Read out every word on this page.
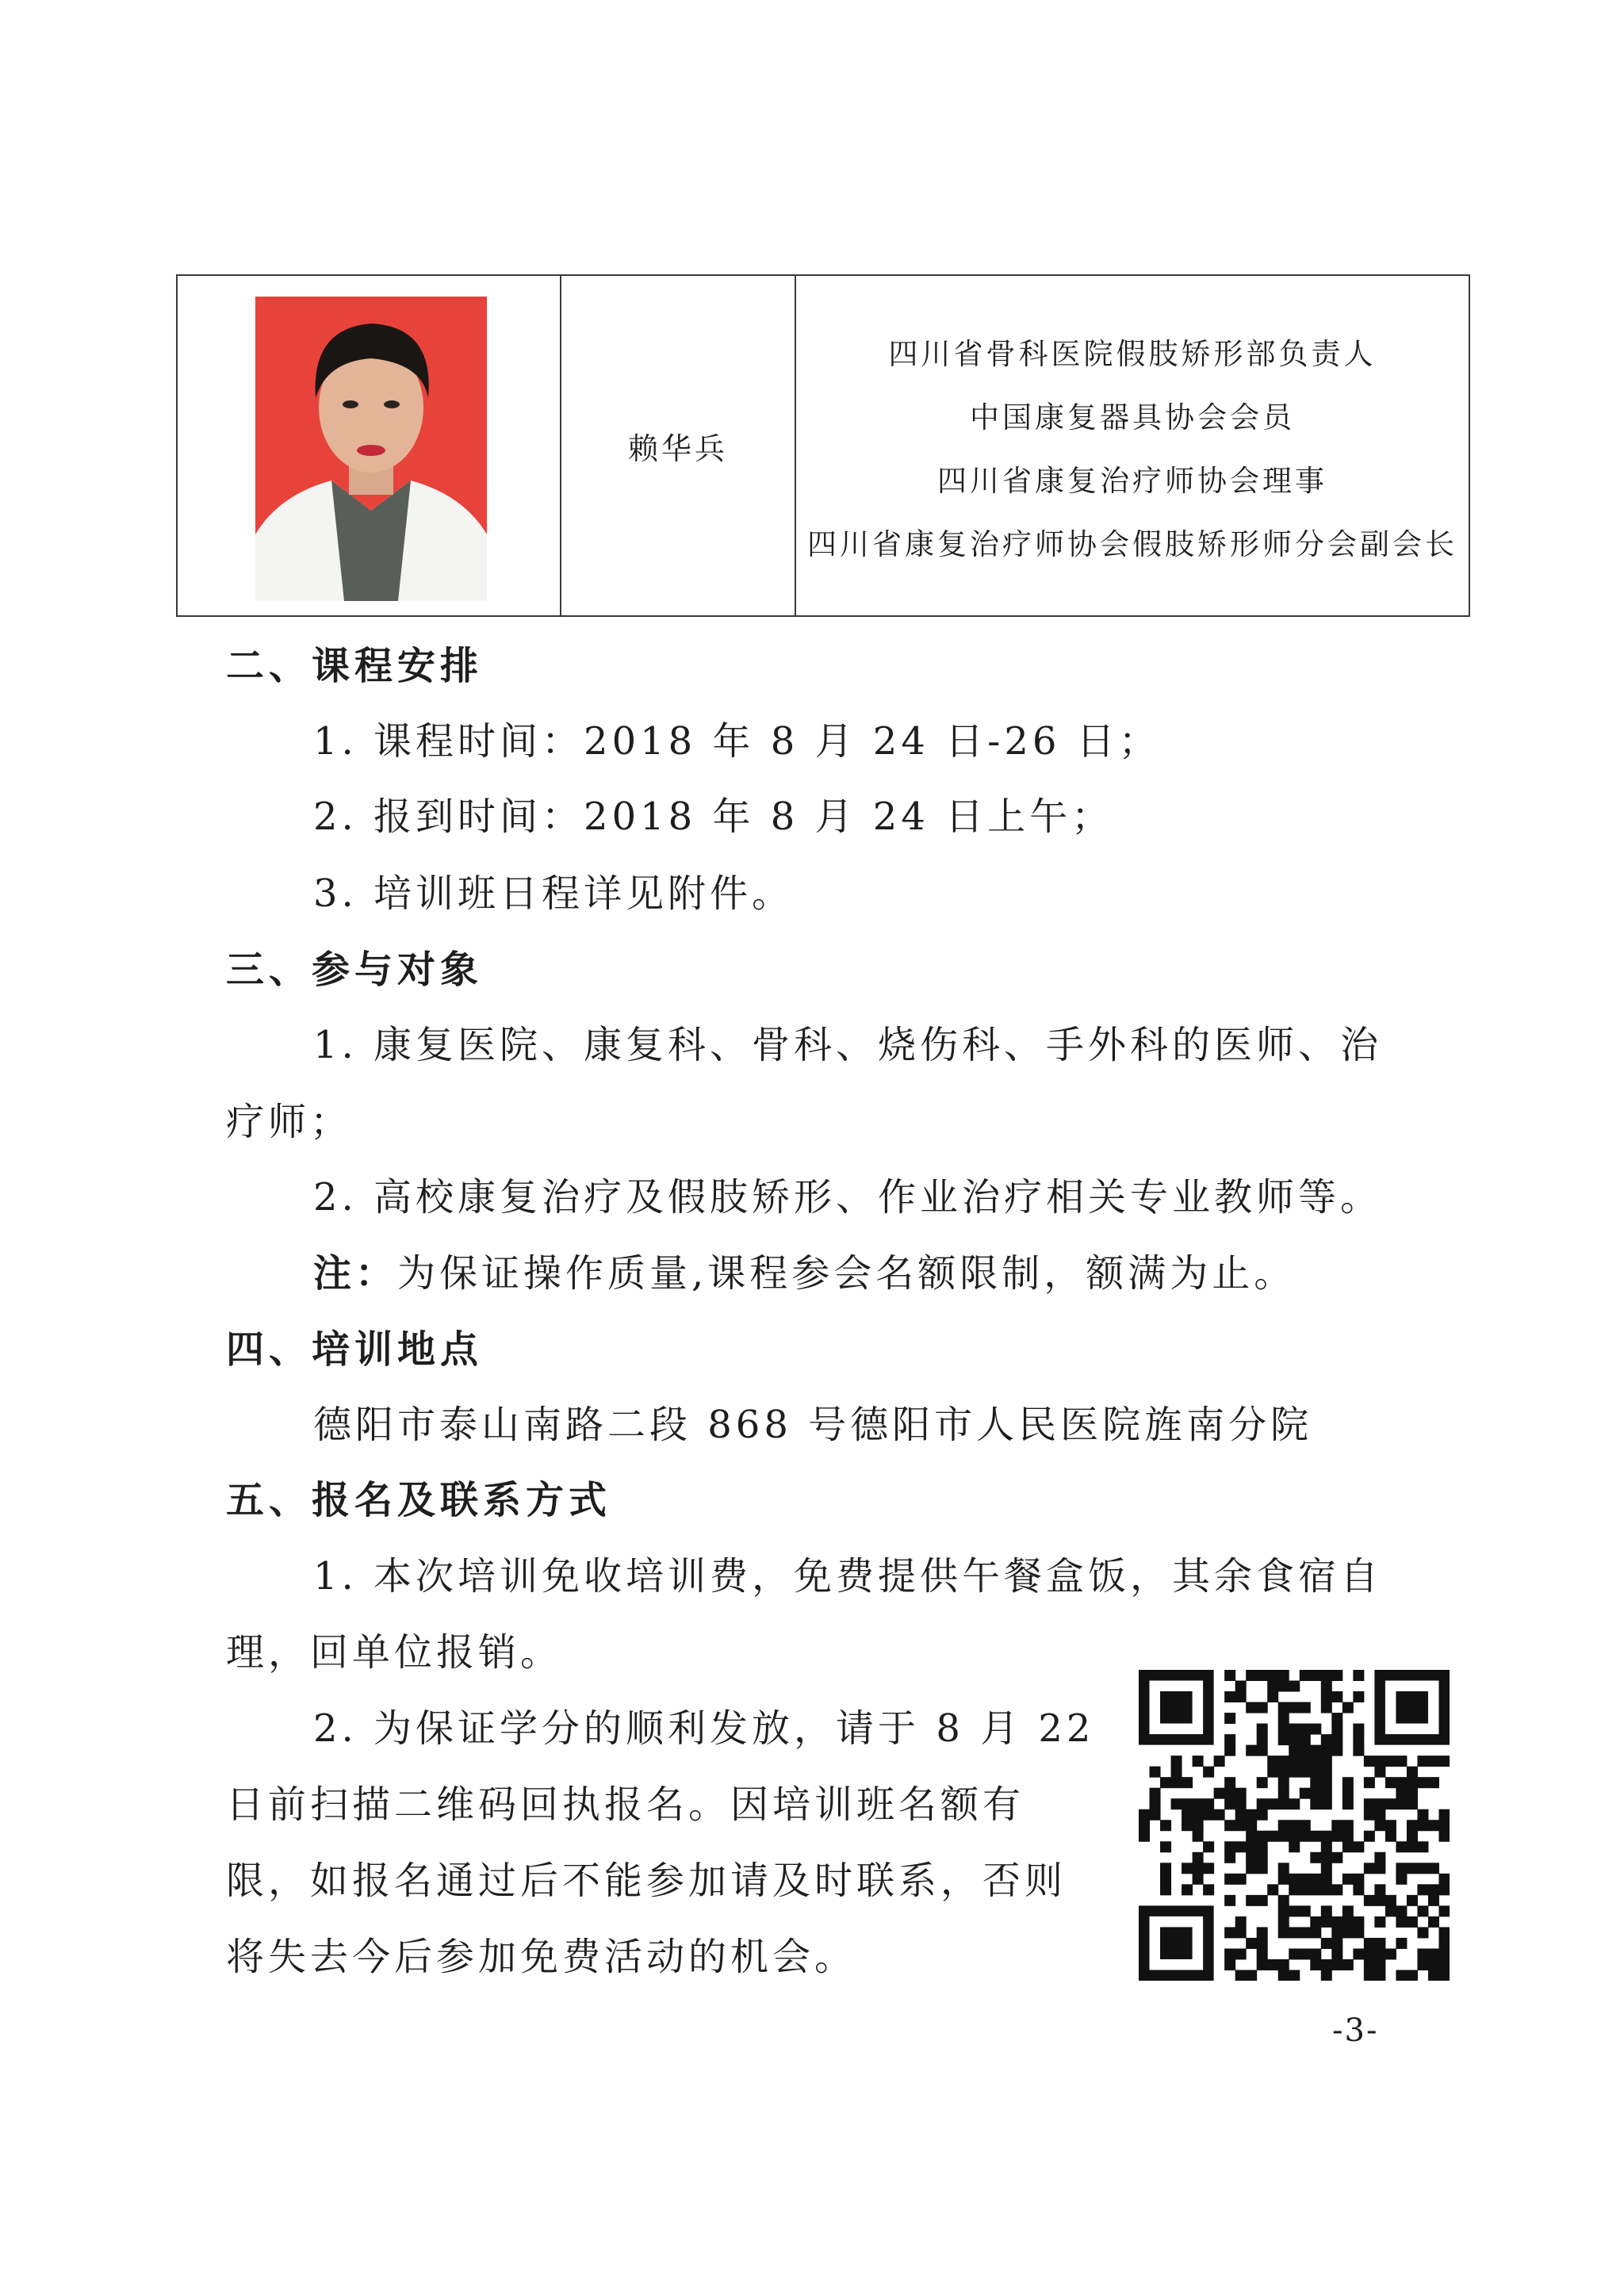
赖华兵
四川省骨科医院假肢矫形部负责人
中国康复器具协会会员
四川省康复治疗师协会理事
四川省康复治疗师协会假肢矫形师分会副会长
二、课程安排
1. 课程时间：2018 年 8 月 24 日-26 日；
2. 报到时间：2018 年 8 月 24 日上午；
3. 培训班日程详见附件。
三、参与对象
1. 康复医院、康复科、骨科、烧伤科、手外科的医师、治
疗师；
2. 高校康复治疗及假肢矫形、作业治疗相关专业教师等。
注：为保证操作质量,课程参会名额限制，额满为止。
四、培训地点
德阳市泰山南路二段 868 号德阳市人民医院旌南分院
五、报名及联系方式
1. 本次培训免收培训费，免费提供午餐盒饭，其余食宿自
理，回单位报销。
2. 为保证学分的顺利发放，请于 8 月 22
日前扫描二维码回执报名。因培训班名额有
限，如报名通过后不能参加请及时联系，否则
将失去今后参加免费活动的机会。
-3-
